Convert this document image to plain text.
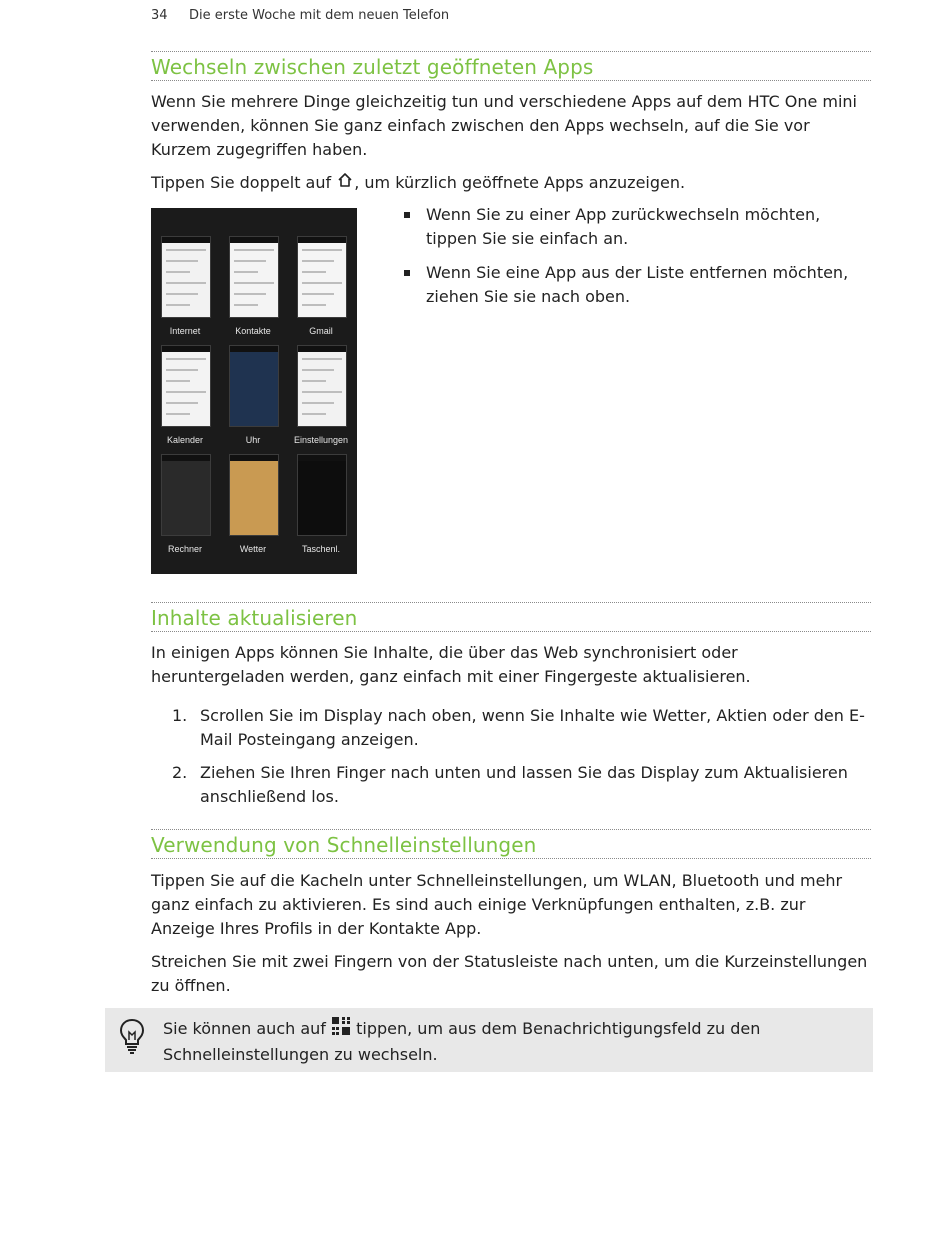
34 Die erste Woche mit dem neuen Telefon
Wechseln zwischen zuletzt geöffneten Apps

Wenn Sie mehrere Dinge gleichzeitig tun und verschiedene Apps auf dem HTC One mini verwenden, können Sie ganz einfach zwischen den Apps wechseln, auf die Sie vor Kurzem zugegriffen haben.

Tippen Sie doppelt auf , um kürzlich geöffnete Apps anzuzeigen.

Internet	Kontakte	Gmail
Kalender	Uhr	Einstellungen
Rechner	Wetter	Taschenl.
Wenn Sie zu einer App zurückwechseln möchten, tippen Sie sie einfach an.
Wenn Sie eine App aus der Liste entfernen möchten, ziehen Sie sie nach oben.
Inhalte aktualisieren

In einigen Apps können Sie Inhalte, die über das Web synchronisiert oder heruntergeladen werden, ganz einfach mit einer Fingergeste aktualisieren.

1. Scrollen Sie im Display nach oben, wenn Sie Inhalte wie Wetter, Aktien oder den E-Mail Posteingang anzeigen.
2. Ziehen Sie Ihren Finger nach unten und lassen Sie das Display zum Aktualisieren anschließend los.
Verwendung von Schnelleinstellungen

Tippen Sie auf die Kacheln unter Schnelleinstellungen, um WLAN, Bluetooth und mehr ganz einfach zu aktivieren. Es sind auch einige Verknüpfungen enthalten, z.B. zur Anzeige Ihres Profils in der Kontakte App.

Streichen Sie mit zwei Fingern von der Statusleiste nach unten, um die Kurzeinstellungen zu öffnen.

Sie können auch auf tippen, um aus dem Benachrichtigungsfeld zu den Schnelleinstellungen zu wechseln.
